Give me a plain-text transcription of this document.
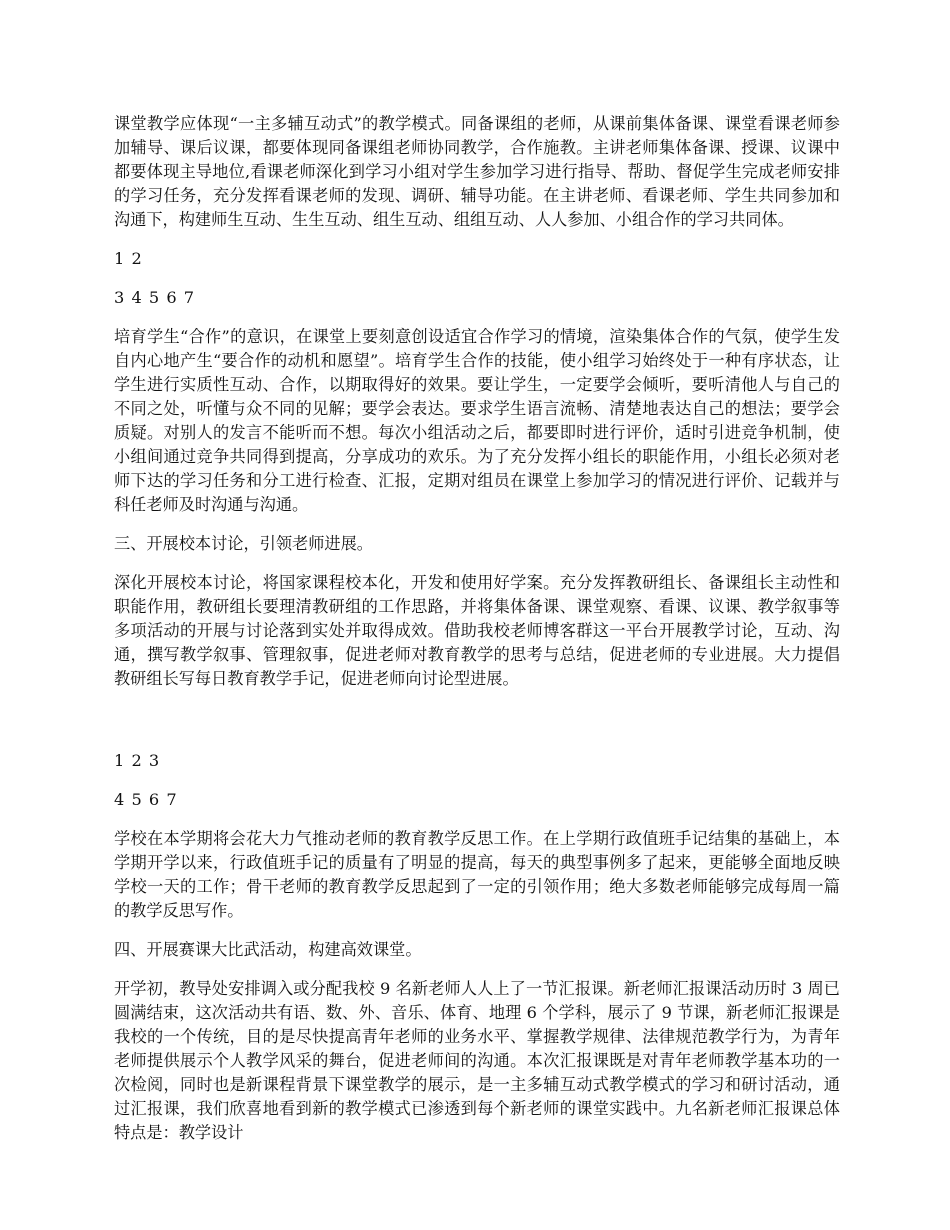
课堂教学应体现“一主多辅互动式”的教学模式。同备课组的老师，从课前集体备课、课堂看课老师参加辅导、课后议课，都要体现同备课组老师协同教学，合作施教。主讲老师集体备课、授课、议课中都要体现主导地位,看课老师深化到学习小组对学生参加学习进行指导、帮助、督促学生完成老师安排的学习任务，充分发挥看课老师的发现、调研、辅导功能。在主讲老师、看课老师、学生共同参加和沟通下，构建师生互动、生生互动、组生互动、组组互动、人人参加、小组合作的学习共同体。

1 2

3 4 5 6 7

培育学生“合作”的意识，在课堂上要刻意创设适宜合作学习的情境，渲染集体合作的气氛，使学生发自内心地产生“要合作的动机和愿望”。培育学生合作的技能，使小组学习始终处于一种有序状态，让学生进行实质性互动、合作，以期取得好的效果。要让学生，一定要学会倾听，要听清他人与自己的不同之处，听懂与众不同的见解；要学会表达。要求学生语言流畅、清楚地表达自己的想法；要学会质疑。对别人的发言不能听而不想。每次小组活动之后，都要即时进行评价，适时引进竞争机制，使小组间通过竞争共同得到提高，分享成功的欢乐。为了充分发挥小组长的职能作用，小组长必须对老师下达的学习任务和分工进行检查、汇报，定期对组员在课堂上参加学习的情况进行评价、记载并与科任老师及时沟通与沟通。

三、开展校本讨论，引领老师进展。

深化开展校本讨论，将国家课程校本化，开发和使用好学案。充分发挥教研组长、备课组长主动性和职能作用，教研组长要理清教研组的工作思路，并将集体备课、课堂观察、看课、议课、教学叙事等多项活动的开展与讨论落到实处并取得成效。借助我校老师博客群这一平台开展教学讨论，互动、沟通，撰写教学叙事、管理叙事，促进老师对教育教学的思考与总结，促进老师的专业进展。大力提倡教研组长写每日教育教学手记，促进老师向讨论型进展。

1 2 3

4 5 6 7

学校在本学期将会花大力气推动老师的教育教学反思工作。在上学期行政值班手记结集的基础上，本学期开学以来，行政值班手记的质量有了明显的提高，每天的典型事例多了起来，更能够全面地反映学校一天的工作；骨干老师的教育教学反思起到了一定的引领作用；绝大多数老师能够完成每周一篇的教学反思写作。

四、开展赛课大比武活动，构建高效课堂。

开学初，教导处安排调入或分配我校 9 名新老师人人上了一节汇报课。新老师汇报课活动历时 3 周已圆满结束，这次活动共有语、数、外、音乐、体育、地理 6 个学科，展示了 9 节课，新老师汇报课是我校的一个传统，目的是尽快提高青年老师的业务水平、掌握教学规律、法律规范教学行为，为青年老师提供展示个人教学风采的舞台，促进老师间的沟通。本次汇报课既是对青年老师教学基本功的一次检阅，同时也是新课程背景下课堂教学的展示，是一主多辅互动式教学模式的学习和研讨活动，通过汇报课，我们欣喜地看到新的教学模式已渗透到每个新老师的课堂实践中。九名新老师汇报课总体特点是：教学设计
